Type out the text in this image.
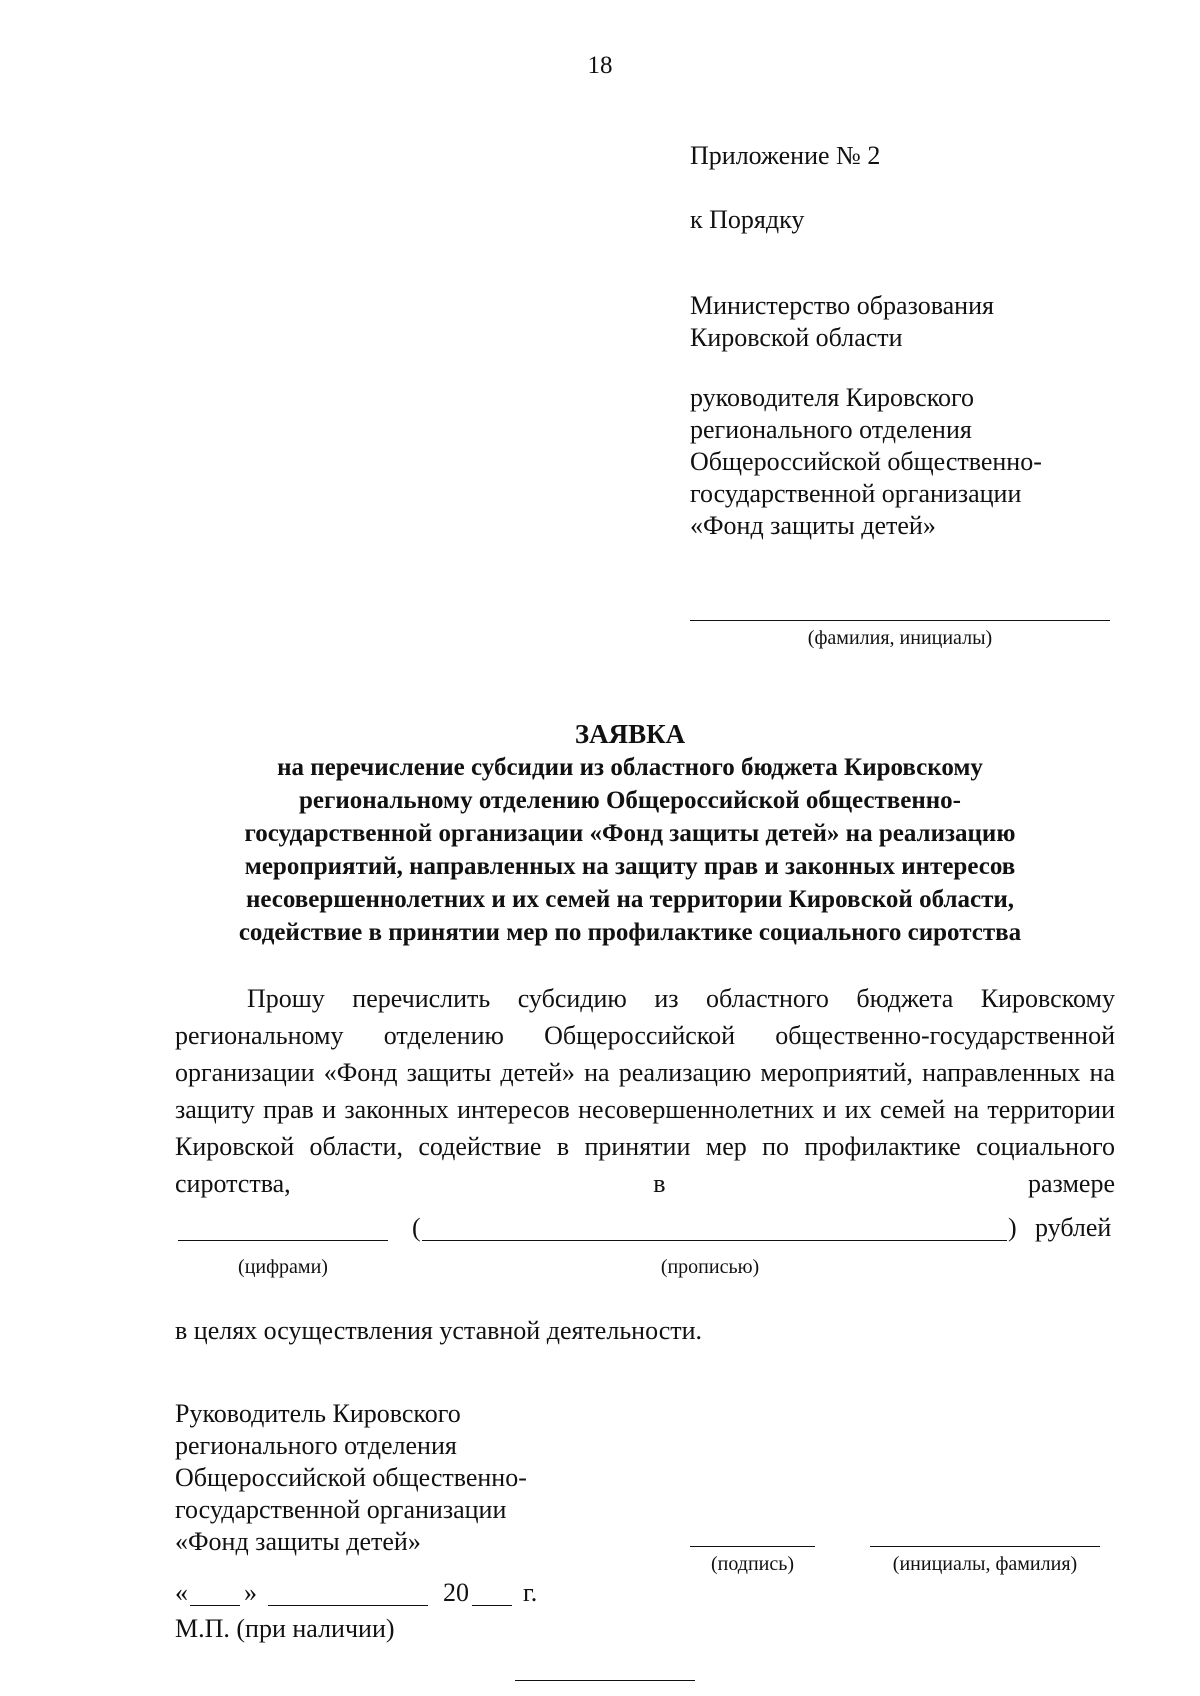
18
Приложение № 2
к Порядку
Министерство образования
Кировской области
руководителя Кировского
регионального отделения
Общероссийской общественно-
государственной организации
«Фонд защиты детей»
(фамилия, инициалы)
ЗАЯВКА
на перечисление субсидии из областного бюджета Кировскому
региональному отделению Общероссийской общественно-
государственной организации «Фонд защиты детей» на реализацию
мероприятий, направленных на защиту прав и законных интересов
несовершеннолетних и их семей на территории Кировской области,
содействие в принятии мер по профилактике социального сиротства
Прошу перечислить субсидию из областного бюджета Кировскому региональному отделению Общероссийской общественно-государственной организации «Фонд защиты детей» на реализацию мероприятий, направленных на защиту прав и законных интересов несовершеннолетних и их семей на территории Кировской области, содействие в принятии мер по профилактике социального сиротства, в размере
(	) рублей
(цифрами)	(прописью)
в целях осуществления уставной деятельности.
Руководитель Кировского
регионального отделения
Общероссийской общественно-
государственной организации
«Фонд защиты детей»
(подпись)	(инициалы, фамилия)
« »	20 г.
М.П. (при наличии)
